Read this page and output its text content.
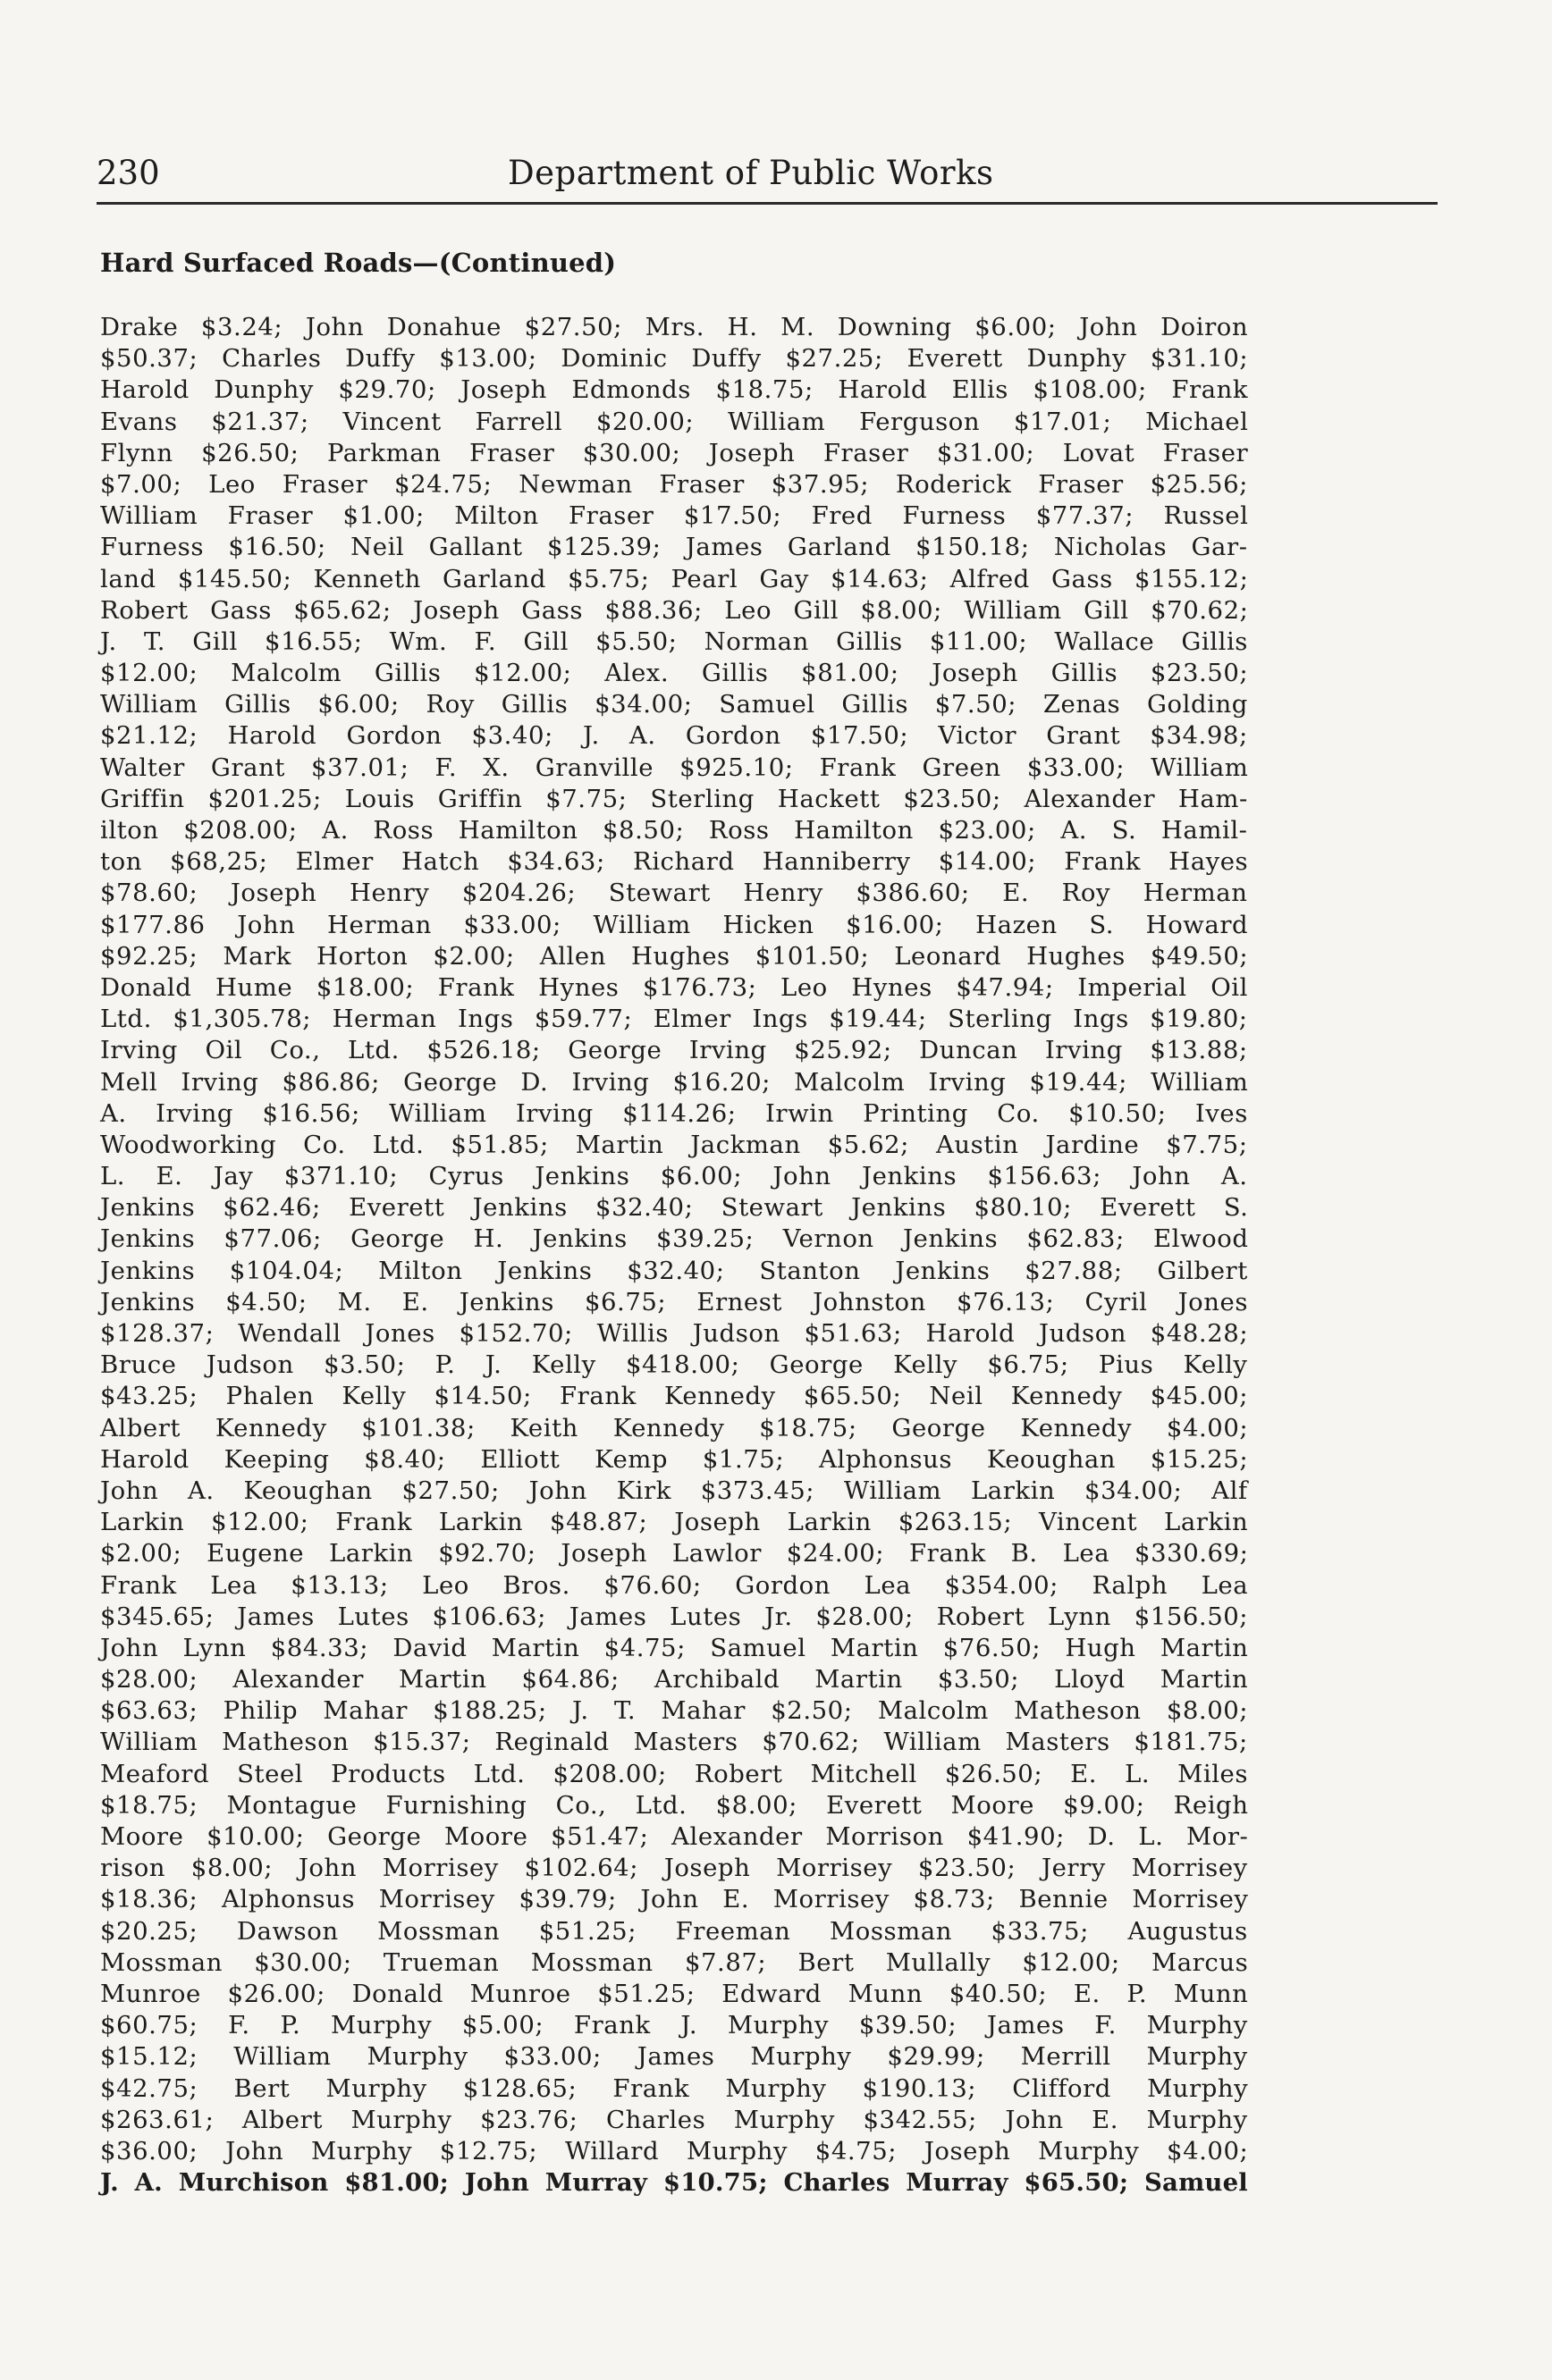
230	Department of Public Works
Hard Surfaced Roads—(Continued)
Drake $3.24; John Donahue $27.50; Mrs. H. M. Downing $6.00; John Doiron
$50.37; Charles Duffy $13.00; Dominic Duffy $27.25; Everett Dunphy $31.10;
Harold Dunphy $29.70; Joseph Edmonds $18.75; Harold Ellis $108.00; Frank
Evans $21.37; Vincent Farrell $20.00; William Ferguson $17.01; Michael
Flynn $26.50; Parkman Fraser $30.00; Joseph Fraser $31.00; Lovat Fraser
$7.00; Leo Fraser $24.75; Newman Fraser $37.95; Roderick Fraser $25.56;
William Fraser $1.00; Milton Fraser $17.50; Fred Furness $77.37; Russel
Furness $16.50; Neil Gallant $125.39; James Garland $150.18; Nicholas Gar-
land $145.50; Kenneth Garland $5.75; Pearl Gay $14.63; Alfred Gass $155.12;
Robert Gass $65.62; Joseph Gass $88.36; Leo Gill $8.00; William Gill $70.62;
J. T. Gill $16.55; Wm. F. Gill $5.50; Norman Gillis $11.00; Wallace Gillis
$12.00; Malcolm Gillis $12.00; Alex. Gillis $81.00; Joseph Gillis $23.50;
William Gillis $6.00; Roy Gillis $34.00; Samuel Gillis $7.50; Zenas Golding
$21.12; Harold Gordon $3.40; J. A. Gordon $17.50; Victor Grant $34.98;
Walter Grant $37.01; F. X. Granville $925.10; Frank Green $33.00; William
Griffin $201.25; Louis Griffin $7.75; Sterling Hackett $23.50; Alexander Ham-
ilton $208.00; A. Ross Hamilton $8.50; Ross Hamilton $23.00; A. S. Hamil-
ton $68,25; Elmer Hatch $34.63; Richard Hanniberry $14.00; Frank Hayes
$78.60; Joseph Henry $204.26; Stewart Henry $386.60; E. Roy Herman
$177.86 John Herman $33.00; William Hicken $16.00; Hazen S. Howard
$92.25; Mark Horton $2.00; Allen Hughes $101.50; Leonard Hughes $49.50;
Donald Hume $18.00; Frank Hynes $176.73; Leo Hynes $47.94; Imperial Oil
Ltd. $1,305.78; Herman Ings $59.77; Elmer Ings $19.44; Sterling Ings $19.80;
Irving Oil Co., Ltd. $526.18; George Irving $25.92; Duncan Irving $13.88;
Mell Irving $86.86; George D. Irving $16.20; Malcolm Irving $19.44; William
A. Irving $16.56; William Irving $114.26; Irwin Printing Co. $10.50; Ives
Woodworking Co. Ltd. $51.85; Martin Jackman $5.62; Austin Jardine $7.75;
L. E. Jay $371.10; Cyrus Jenkins $6.00; John Jenkins $156.63; John A.
Jenkins $62.46; Everett Jenkins $32.40; Stewart Jenkins $80.10; Everett S.
Jenkins $77.06; George H. Jenkins $39.25; Vernon Jenkins $62.83; Elwood
Jenkins $104.04; Milton Jenkins $32.40; Stanton Jenkins $27.88; Gilbert
Jenkins $4.50; M. E. Jenkins $6.75; Ernest Johnston $76.13; Cyril Jones
$128.37; Wendall Jones $152.70; Willis Judson $51.63; Harold Judson $48.28;
Bruce Judson $3.50; P. J. Kelly $418.00; George Kelly $6.75; Pius Kelly
$43.25; Phalen Kelly $14.50; Frank Kennedy $65.50; Neil Kennedy $45.00;
Albert Kennedy $101.38; Keith Kennedy $18.75; George Kennedy $4.00;
Harold Keeping $8.40; Elliott Kemp $1.75; Alphonsus Keoughan $15.25;
John A. Keoughan $27.50; John Kirk $373.45; William Larkin $34.00; Alf
Larkin $12.00; Frank Larkin $48.87; Joseph Larkin $263.15; Vincent Larkin
$2.00; Eugene Larkin $92.70; Joseph Lawlor $24.00; Frank B. Lea $330.69;
Frank Lea $13.13; Leo Bros. $76.60; Gordon Lea $354.00; Ralph Lea
$345.65; James Lutes $106.63; James Lutes Jr. $28.00; Robert Lynn $156.50;
John Lynn $84.33; David Martin $4.75; Samuel Martin $76.50; Hugh Martin
$28.00; Alexander Martin $64.86; Archibald Martin $3.50; Lloyd Martin
$63.63; Philip Mahar $188.25; J. T. Mahar $2.50; Malcolm Matheson $8.00;
William Matheson $15.37; Reginald Masters $70.62; William Masters $181.75;
Meaford Steel Products Ltd. $208.00; Robert Mitchell $26.50; E. L. Miles
$18.75; Montague Furnishing Co., Ltd. $8.00; Everett Moore $9.00; Reigh
Moore $10.00; George Moore $51.47; Alexander Morrison $41.90; D. L. Mor-
rison $8.00; John Morrisey $102.64; Joseph Morrisey $23.50; Jerry Morrisey
$18.36; Alphonsus Morrisey $39.79; John E. Morrisey $8.73; Bennie Morrisey
$20.25; Dawson Mossman $51.25; Freeman Mossman $33.75; Augustus
Mossman $30.00; Trueman Mossman $7.87; Bert Mullally $12.00; Marcus
Munroe $26.00; Donald Munroe $51.25; Edward Munn $40.50; E. P. Munn
$60.75; F. P. Murphy $5.00; Frank J. Murphy $39.50; James F. Murphy
$15.12; William Murphy $33.00; James Murphy $29.99; Merrill Murphy
$42.75; Bert Murphy $128.65; Frank Murphy $190.13; Clifford Murphy
$263.61; Albert Murphy $23.76; Charles Murphy $342.55; John E. Murphy
$36.00; John Murphy $12.75; Willard Murphy $4.75; Joseph Murphy $4.00;
J. A. Murchison $81.00; John Murray $10.75; Charles Murray $65.50; Samuel
